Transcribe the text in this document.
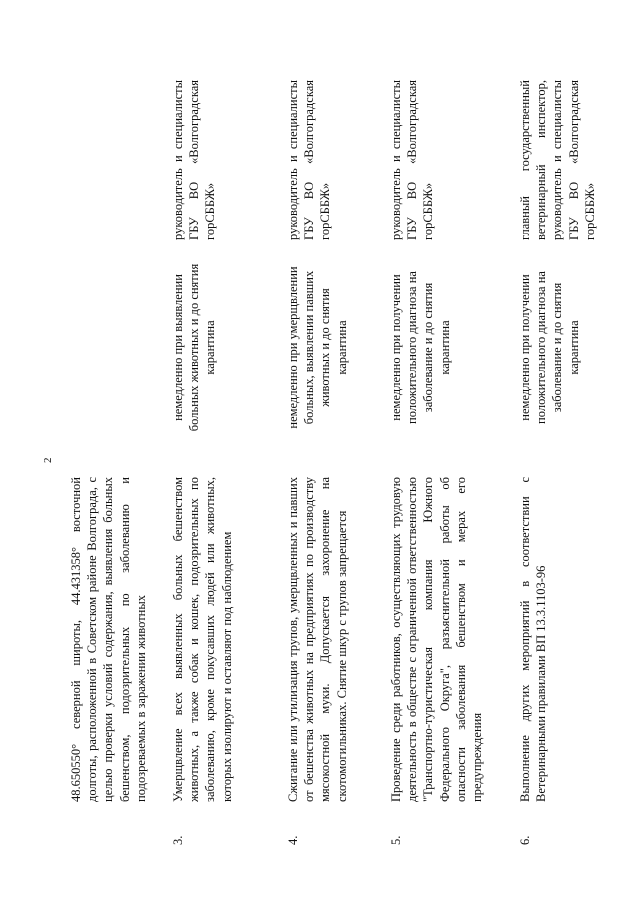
2
48.650550° северной широты, 44.431358° восточной долготы, расположенной в Советском районе Волгограда, с целью проверки условий содержания, выявления больных бешенством, подозрительных по заболеванию и подозреваемых в заражении животных
3.
Умерщвление всех выявленных больных бешенством животных, а также собак и кошек, подозрительных по заболеванию, кроме покусавших людей или животных, которых изолируют и оставляют под наблюдением
немедленно при выявлении больных животных и до снятия карантина
руководитель и специалисты ГБУ ВО «Волгоградская горСББЖ»
4.
Сжигание или утилизация трупов, умерщвленных и павших от бешенства животных на предприятиях по производству мясокостной муки. Допускается захоронение на скотомогильниках. Снятие шкур с трупов запрещается
немедленно при умерщвлении больных, выявлении павших животных и до снятия карантина
руководитель и специалисты ГБУ ВО «Волгоградская горСББЖ»
5.
Проведение среди работников, осуществляющих трудовую деятельность в обществе с ограниченной ответственностью "Транспортно-туристическая компания Южного Федерального Округа", разъяснительной работы об опасности заболевания бешенством и мерах его предупреждения
немедленно при получении положительного диагноза на заболевание и до снятия карантина
руководитель и специалисты ГБУ ВО «Волгоградская горСББЖ»
6.
Выполнение других мероприятий в соответствии с Ветеринарными правилами ВП 13.3.1103-96
немедленно при получении положительного диагноза на заболевание и до снятия карантина
главный государственный ветеринарный инспектор, руководитель и специалисты ГБУ ВО «Волгоградская горСББЖ»
